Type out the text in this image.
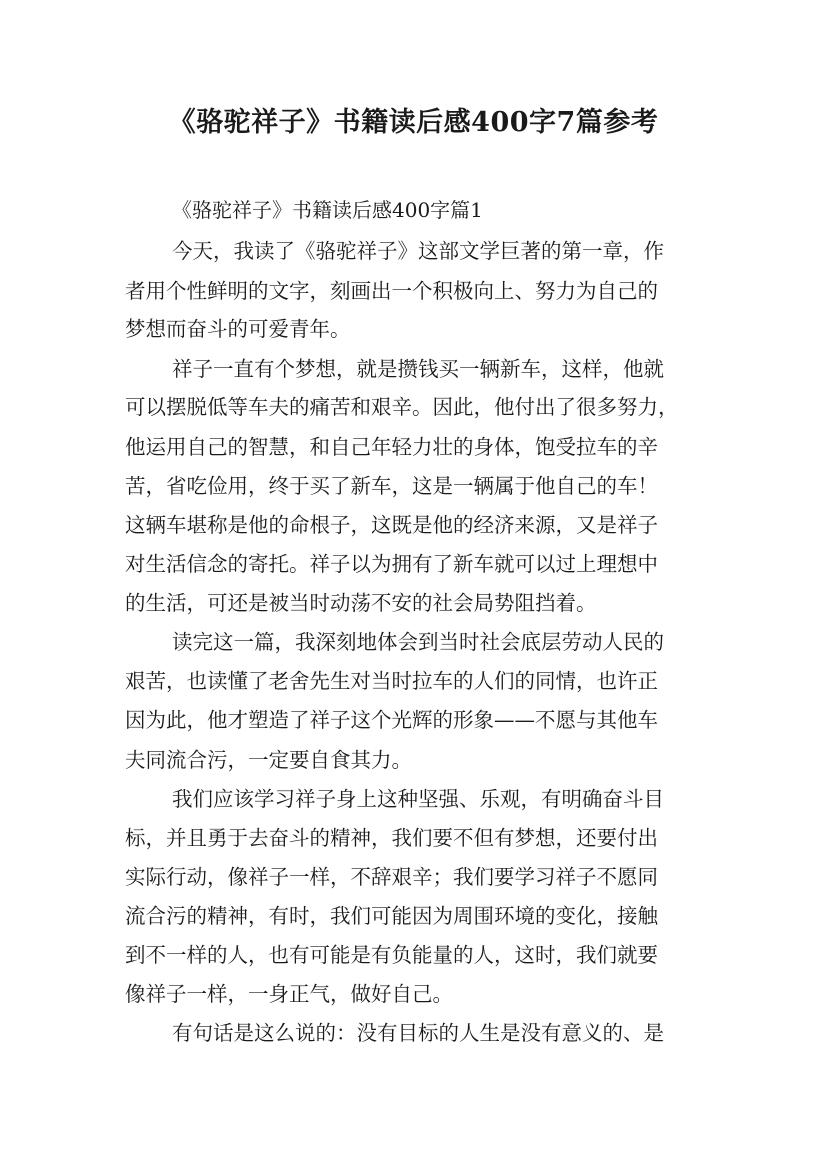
《骆驼祥子》书籍读后感400字7篇参考
《骆驼祥子》书籍读后感400字篇1
今天，我读了《骆驼祥子》这部文学巨著的第一章，作
者用个性鲜明的文字，刻画出一个积极向上、努力为自己的
梦想而奋斗的可爱青年。
祥子一直有个梦想，就是攒钱买一辆新车，这样，他就
可以摆脱低等车夫的痛苦和艰辛。因此，他付出了很多努力，
他运用自己的智慧，和自己年轻力壮的身体，饱受拉车的辛
苦，省吃俭用，终于买了新车，这是一辆属于他自己的车！
这辆车堪称是他的命根子，这既是他的经济来源，又是祥子
对生活信念的寄托。祥子以为拥有了新车就可以过上理想中
的生活，可还是被当时动荡不安的社会局势阻挡着。
读完这一篇，我深刻地体会到当时社会底层劳动人民的
艰苦，也读懂了老舍先生对当时拉车的人们的同情，也许正
因为此，他才塑造了祥子这个光辉的形象——不愿与其他车
夫同流合污，一定要自食其力。
我们应该学习祥子身上这种坚强、乐观，有明确奋斗目
标，并且勇于去奋斗的精神，我们要不但有梦想，还要付出
实际行动，像祥子一样，不辞艰辛；我们要学习祥子不愿同
流合污的精神，有时，我们可能因为周围环境的变化，接触
到不一样的人，也有可能是有负能量的人，这时，我们就要
像祥子一样，一身正气，做好自己。
有句话是这么说的：没有目标的人生是没有意义的、是
